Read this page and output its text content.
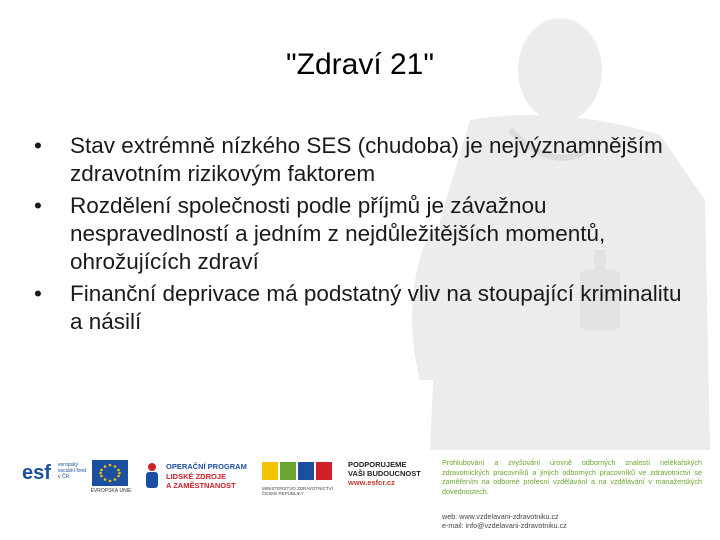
"Zdraví 21"
• Stav extrémně nízkého SES (chudoba) je nejvýznamnějším zdravotním rizikovým faktorem
• Rozdělení společnosti podle příjmů je závažnou nespravedlností a jedním z nejdůležitějších momentů, ohrožujících zdraví
• Finanční deprivace má podstatný vliv na stoupající kriminalitu a násilí
esf evropský sociální fond v ČR
EVROPSKÁ UNIE
OPERAČNÍ PROGRAM
LIDSKÉ ZDROJE
A ZAMĚSTNANOST	MINISTERSTVO ZDRAVOTNICTVÍ ČESKÉ REPUBLIKY
PODPORUJEME
VAŠI BUDOUCNOST
www.esfcr.cz
Prohlubování a zvyšování úrovně odborných znalostí nelékařských zdravotnických pracovníků a jiných odborných pracovníků ve zdravotnictví se zaměřením na odborné profesní vzdělávání a na vzdělávání v manažerských dovednostech.
web: www.vzdelavani-zdravotniku.cz
e-mail: info@vzdelavani-zdravotniku.cz
